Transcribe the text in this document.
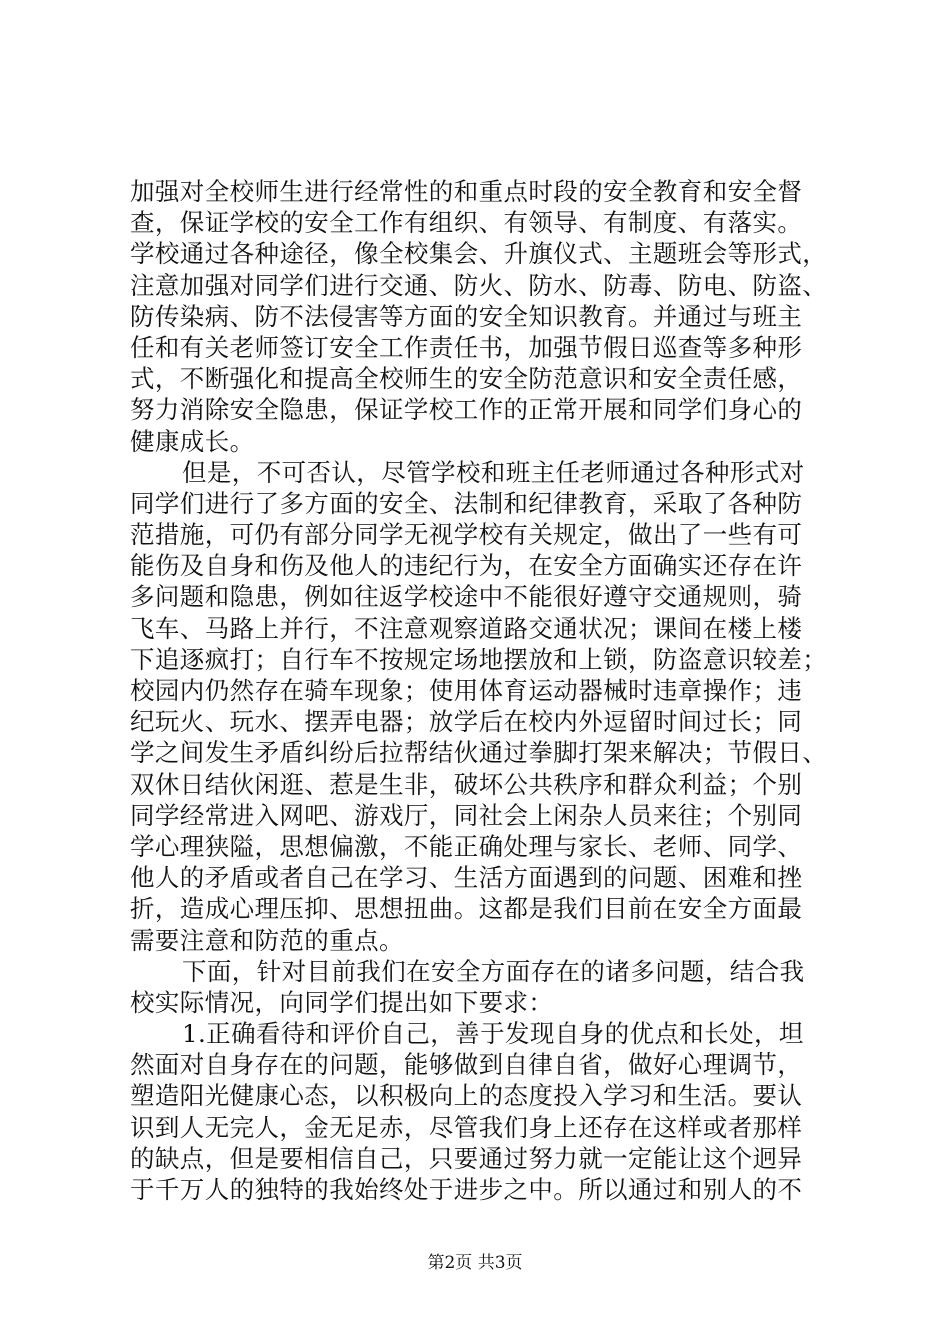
加强对全校师生进行经常性的和重点时段的安全教育和安全督
查，保证学校的安全工作有组织、有领导、有制度、有落实。
学校通过各种途径，像全校集会、升旗仪式、主题班会等形式，
注意加强对同学们进行交通、防火、防水、防毒、防电、防盗、
防传染病、防不法侵害等方面的安全知识教育。并通过与班主
任和有关老师签订安全工作责任书，加强节假日巡查等多种形
式，不断强化和提高全校师生的安全防范意识和安全责任感，
努力消除安全隐患，保证学校工作的正常开展和同学们身心的
健康成长。
但是，不可否认，尽管学校和班主任老师通过各种形式对
同学们进行了多方面的安全、法制和纪律教育，采取了各种防
范措施，可仍有部分同学无视学校有关规定，做出了一些有可
能伤及自身和伤及他人的违纪行为，在安全方面确实还存在许
多问题和隐患，例如往返学校途中不能很好遵守交通规则，骑
飞车、马路上并行，不注意观察道路交通状况；课间在楼上楼
下追逐疯打；自行车不按规定场地摆放和上锁，防盗意识较差；
校园内仍然存在骑车现象；使用体育运动器械时违章操作；违
纪玩火、玩水、摆弄电器；放学后在校内外逗留时间过长；同
学之间发生矛盾纠纷后拉帮结伙通过拳脚打架来解决；节假日、
双休日结伙闲逛、惹是生非，破坏公共秩序和群众利益；个别
同学经常进入网吧、游戏厅，同社会上闲杂人员来往；个别同
学心理狭隘，思想偏激，不能正确处理与家长、老师、同学、
他人的矛盾或者自己在学习、生活方面遇到的问题、困难和挫
折，造成心理压抑、思想扭曲。这都是我们目前在安全方面最
需要注意和防范的重点。
下面，针对目前我们在安全方面存在的诸多问题，结合我
校实际情况，向同学们提出如下要求：
1.正确看待和评价自己，善于发现自身的优点和长处，坦
然面对自身存在的问题，能够做到自律自省，做好心理调节，
塑造阳光健康心态，以积极向上的态度投入学习和生活。要认
识到人无完人，金无足赤，尽管我们身上还存在这样或者那样
的缺点，但是要相信自己，只要通过努力就一定能让这个迥异
于千万人的独特的我始终处于进步之中。所以通过和别人的不
第2页 共3页
